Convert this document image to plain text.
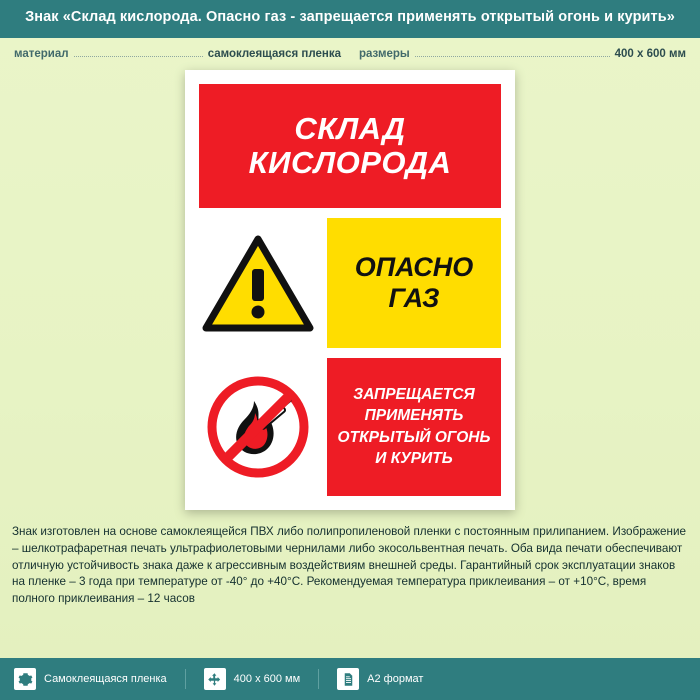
Знак «Склад кислорода. Опасно газ - запрещается применять открытый огонь и курить»
материал	самоклеящаяся пленка размеры	400 х 600 мм
СКЛАД
КИСЛОРОДА
ОПАСНО
ГАЗ
ЗАПРЕЩАЕТСЯ
ПРИМЕНЯТЬ
ОТКРЫТЫЙ ОГОНЬ
И КУРИТЬ
Знак изготовлен на основе самоклеящейся ПВХ либо полипропиленовой пленки с постоянным прилипанием. Изображение – шелкотрафаретная печать ультрафиолетовыми чернилами либо экосольвентная печать. Оба вида печати обеспечивают отличную устойчивость знака даже к агрессивным воздействиям внешней среды. Гарантийный срок эксплуатации знаков на пленке – 3 года при температуре от -40° до +40°С. Рекомендуемая температура приклеивания – от +10°С, время полного приклеивания – 12 часов
Самоклеящаяся пленка	400 x 600 мм	А2 формат
